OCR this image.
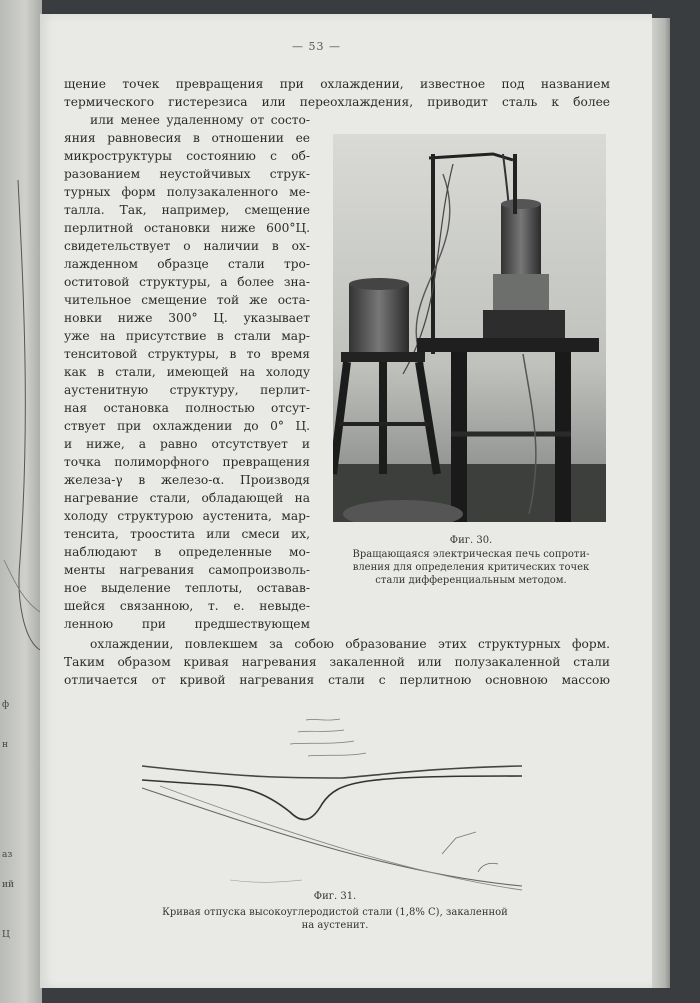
ф
н
аз
ий
Ц
— 53 —
щение точек превращения при охлаждении, известное под названием
термического гистерезиса или переохлаждения, приводит сталь к более
или менее удаленному от состо-
яния равновесия в отношении ее
микроструктуры состоянию с об-
разованием неустойчивых струк-
турных форм полузакаленного ме-
талла. Так, например, смещение
перлитной остановки ниже 600°Ц.
свидетельствует о наличии в ох-
лажденном образце стали тро-
оститовой структуры, а более зна-
чительное смещение той же оста-
новки ниже 300° Ц. указывает
уже на присутствие в стали мар-
тенситовой структуры, в то время
как в стали, имеющей на холоду
аустенитную структуру, перлит-
ная остановка полностью отсут-
ствует при охлаждении до 0° Ц.
и ниже, а равно отсутствует и
точка полиморфного превращения
железа-γ в железо-α. Производя
нагревание стали, обладающей на
холоду структурою аустенита, мар-
тенсита, троостита или смеси их,
наблюдают в определенные мо-
менты нагревания самопроизволь-
ное выделение теплоты, оставав-
шейся связанною, т. е. невыде-
ленною при предшествующем
охлаждении, повлекшем за собою образование этих структурных форм.
Таким образом кривая нагревания закаленной или полузакаленной стали
отличается от кривой нагревания стали с перлитною основною массою
Фиг. 30.
Вращающаяся электрическая печь сопроти-
вления для определения критических точек
стали дифференциальным методом.
Фиг. 31.
Кривая отпуска высокоуглеродистой стали (1,8% С), закаленной
на аустенит.
